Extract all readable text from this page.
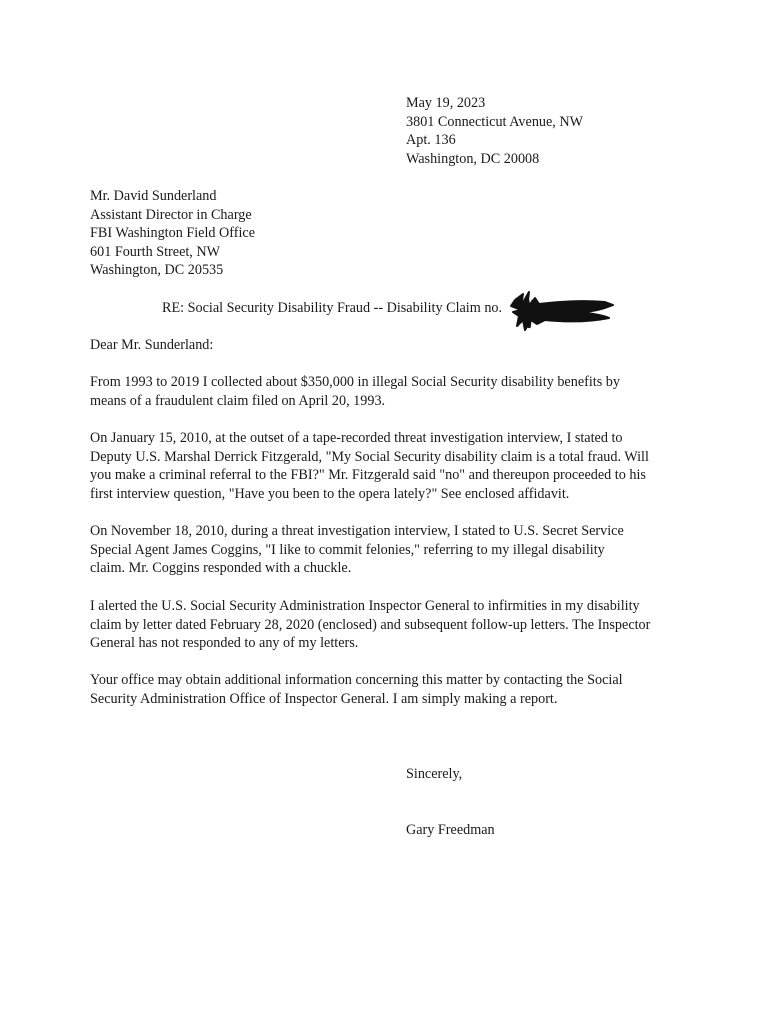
May 19, 2023
3801 Connecticut Avenue, NW
Apt. 136
Washington, DC 20008
Mr. David Sunderland
Assistant Director in Charge
FBI Washington Field Office
601 Fourth Street, NW
Washington, DC 20535
RE: Social Security Disability Fraud -- Disability Claim no.
Dear Mr. Sunderland:
From 1993 to 2019 I collected about $350,000 in illegal Social Security disability benefits by
means of a fraudulent claim filed on April 20, 1993.
On January 15, 2010, at the outset of a tape-recorded threat investigation interview, I stated to
Deputy U.S. Marshal Derrick Fitzgerald, "My Social Security disability claim is a total fraud. Will
you make a criminal referral to the FBI?" Mr. Fitzgerald said "no" and thereupon proceeded to his
first interview question, "Have you been to the opera lately?" See enclosed affidavit.
On November 18, 2010, during a threat investigation interview, I stated to U.S. Secret Service
Special Agent James Coggins, "I like to commit felonies," referring to my illegal disability
claim. Mr. Coggins responded with a chuckle.
I alerted the U.S. Social Security Administration Inspector General to infirmities in my disability
claim by letter dated February 28, 2020 (enclosed) and subsequent follow-up letters. The Inspector
General has not responded to any of my letters.
Your office may obtain additional information concerning this matter by contacting the Social
Security Administration Office of Inspector General. I am simply making a report.
Sincerely,
Gary Freedman
